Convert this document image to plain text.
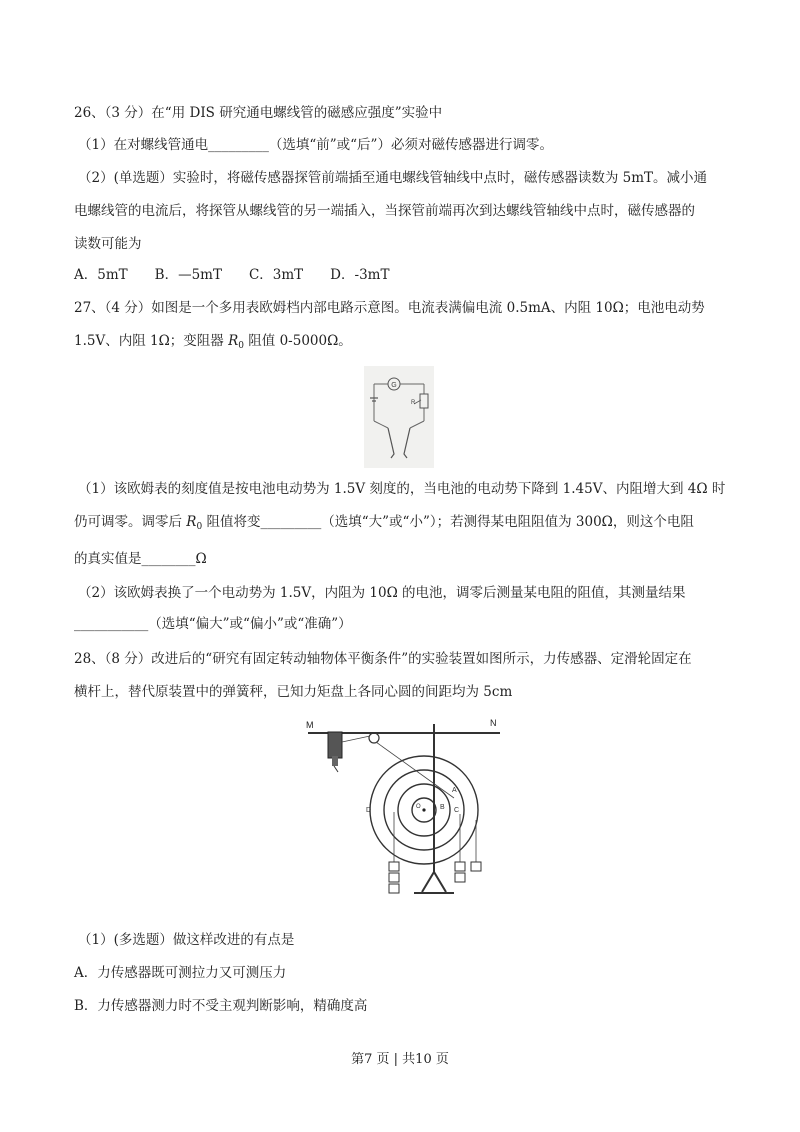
26、（3 分）在“用 DIS 研究通电螺线管的磁感应强度”实验中
（1）在对螺线管通电_________（选填“前”或“后”）必须对磁传感器进行调零。
（2）(单选题）实验时，将磁传感器探管前端插至通电螺线管轴线中点时，磁传感器读数为 5mT。减小通
电螺线管的电流后，将探管从螺线管的另一端插入，当探管前端再次到达螺线管轴线中点时，磁传感器的
读数可能为
A．5mT　　B．—5mT　　C．3mT　　D．-3mT
27、（4 分）如图是一个多用表欧姆档内部电路示意图。电流表满偏电流 0.5mA、内阻 10Ω；电池电动势
1.5V、内阻 1Ω；变阻器 $R_0$ 阻值 0-5000Ω。
G
R
（1）该欧姆表的刻度值是按电池电动势为 1.5V 刻度的，当电池的电动势下降到 1.45V、内阻增大到 4Ω 时
仍可调零。调零后 $R_0$ 阻值将变_________（选填“大”或“小”）；若测得某电阻阻值为 300Ω，则这个电阻
的真实值是________Ω
（2）该欧姆表换了一个电动势为 1.5V，内阻为 10Ω 的电池，调零后测量某电阻的阻值，其测量结果
___________（选填“偏大”或“偏小”或“准确”）
28、（8 分）改进后的“研究有固定转动轴物体平衡条件”的实验装置如图所示，力传感器、定滑轮固定在
横杆上，替代原装置中的弹簧秤，已知力矩盘上各同心圆的间距均为 5cm
M	N
O
A
B C
D
（1）(多选题）做这样改进的有点是
A．力传感器既可测拉力又可测压力
B．力传感器测力时不受主观判断影响，精确度高
第7 页 | 共10 页
